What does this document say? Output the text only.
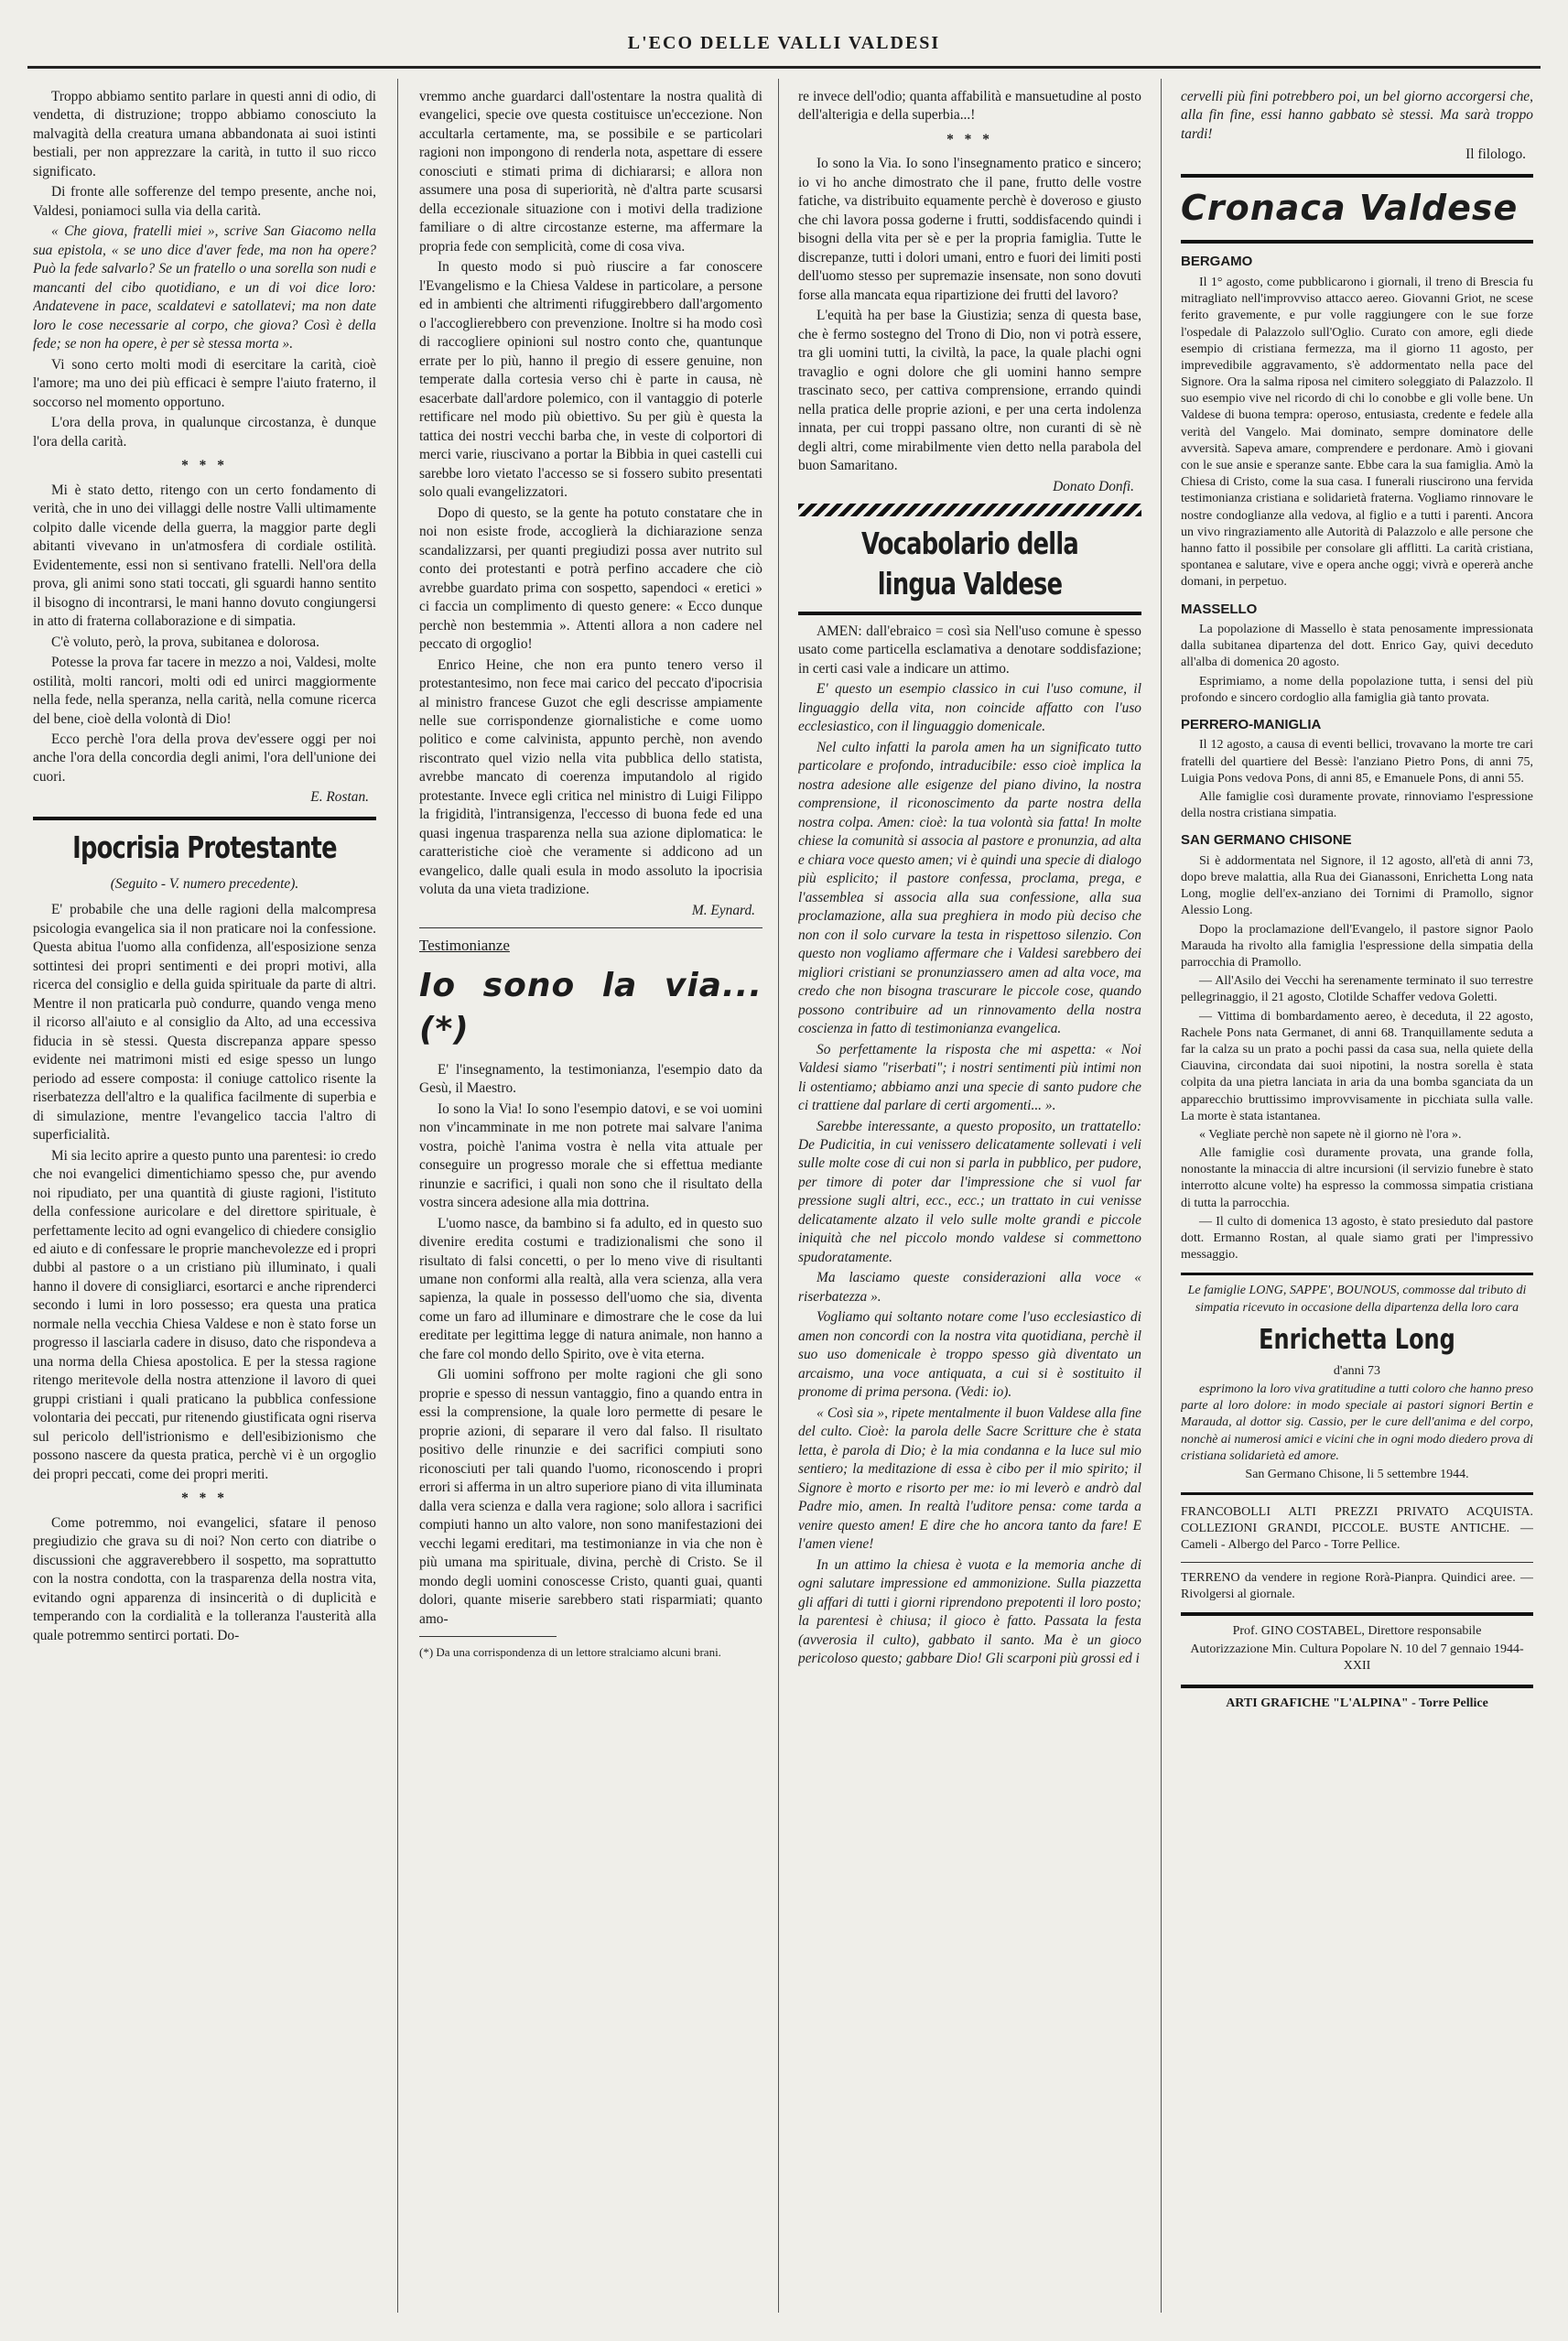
L'ECO DELLE VALLI VALDESI

Troppo abbiamo sentito parlare in questi anni di odio, di vendetta, di distruzione; troppo abbiamo conosciuto la malvagità della creatura umana abbandonata ai suoi istinti bestiali, per non apprezzare la carità, in tutto il suo ricco significato.

Di fronte alle sofferenze del tempo presente, anche noi, Valdesi, poniamoci sulla via della carità.

« Che giova, fratelli miei », scrive San Giacomo nella sua epistola, « se uno dice d'aver fede, ma non ha opere? Può la fede salvarlo? Se un fratello o una sorella son nudi e mancanti del cibo quotidiano, e un di voi dice loro: Andatevene in pace, scaldatevi e satollatevi; ma non date loro le cose necessarie al corpo, che giova? Così è della fede; se non ha opere, è per sè stessa morta ».

Vi sono certo molti modi di esercitare la carità, cioè l'amore; ma uno dei più efficaci è sempre l'aiuto fraterno, il soccorso nel momento opportuno.

L'ora della prova, in qualunque circostanza, è dunque l'ora della carità.

* * *

Mi è stato detto, ritengo con un certo fondamento di verità, che in uno dei villaggi delle nostre Valli ultimamente colpito dalle vicende della guerra, la maggior parte degli abitanti vivevano in un'atmosfera di cordiale ostilità. Evidentemente, essi non si sentivano fratelli. Nell'ora della prova, gli animi sono stati toccati, gli sguardi hanno sentito il bisogno di incontrarsi, le mani hanno dovuto congiungersi in atto di fraterna collaborazione e di simpatia.

C'è voluto, però, la prova, subitanea e dolorosa.

Potesse la prova far tacere in mezzo a noi, Valdesi, molte ostilità, molti rancori, molti odi ed unirci maggiormente nella fede, nella speranza, nella carità, nella comune ricerca del bene, cioè della volontà di Dio!

Ecco perchè l'ora della prova dev'essere oggi per noi anche l'ora della concordia degli animi, l'ora dell'unione dei cuori.

E. Rostan.

Ipocrisia Protestante

(Seguito - V. numero precedente).

E' probabile che una delle ragioni della malcompresa psicologia evangelica sia il non praticare noi la confessione. Questa abitua l'uomo alla confidenza, all'esposizione senza sottintesi dei propri sentimenti e dei propri motivi, alla ricerca del consiglio e della guida spirituale da parte di altri. Mentre il non praticarla può condurre, quando venga meno il ricorso all'aiuto e al consiglio da Alto, ad una eccessiva fiducia in sè stessi. Questa discrepanza appare spesso evidente nei matrimoni misti ed esige spesso un lungo periodo ad essere composta: il coniuge cattolico risente la riserbatezza dell'altro e la qualifica facilmente di superbia e di simulazione, mentre l'evangelico taccia l'altro di superficialità.

Mi sia lecito aprire a questo punto una parentesi: io credo che noi evangelici dimentichiamo spesso che, pur avendo noi ripudiato, per una quantità di giuste ragioni, l'istituto della confessione auricolare e del direttore spirituale, è perfettamente lecito ad ogni evangelico di chiedere consiglio ed aiuto e di confessare le proprie manchevolezze ed i propri dubbi al pastore o a un cristiano più illuminato, i quali hanno il dovere di consigliarci, esortarci e anche riprenderci secondo i lumi in loro possesso; era questa una pratica normale nella vecchia Chiesa Valdese e non è stato forse un progresso il lasciarla cadere in disuso, dato che rispondeva a una norma della Chiesa apostolica. E per la stessa ragione ritengo meritevole della nostra attenzione il lavoro di quei gruppi cristiani i quali praticano la pubblica confessione volontaria dei peccati, pur ritenendo giustificata ogni riserva sul pericolo dell'istrionismo e dell'esibizionismo che possono nascere da questa pratica, perchè vi è un orgoglio dei propri peccati, come dei propri meriti.

* * *

Come potremmo, noi evangelici, sfatare il penoso pregiudizio che grava su di noi? Non certo con diatribe o discussioni che aggraverebbero il sospetto, ma soprattutto con la nostra condotta, con la trasparenza della nostra vita, evitando ogni apparenza di insincerità o di duplicità e temperando con la cordialità e la tolleranza l'austerità alla quale potremmo sentirci portati. Do-

vremmo anche guardarci dall'ostentare la nostra qualità di evangelici, specie ove questa costituisce un'eccezione. Non accultarla certamente, ma, se possibile e se particolari ragioni non impongono di renderla nota, aspettare di essere conosciuti e stimati prima di dichiararsi; e allora non assumere una posa di superiorità, nè d'altra parte scusarsi della eccezionale situazione con i motivi della tradizione familiare o di altre circostanze esterne, ma affermare la propria fede con semplicità, come di cosa viva.

In questo modo si può riuscire a far conoscere l'Evangelismo e la Chiesa Valdese in particolare, a persone ed in ambienti che altrimenti rifuggirebbero dall'argomento o l'accoglierebbero con prevenzione. Inoltre si ha modo così di raccogliere opinioni sul nostro conto che, quantunque errate per lo più, hanno il pregio di essere genuine, non temperate dalla cortesia verso chi è parte in causa, nè esacerbate dall'ardore polemico, con il vantaggio di poterle rettificare nel modo più obiettivo. Su per giù è questa la tattica dei nostri vecchi barba che, in veste di colportori di merci varie, riuscivano a portar la Bibbia in quei castelli cui sarebbe loro vietato l'accesso se si fossero subito presentati solo quali evangelizzatori.

Dopo di questo, se la gente ha potuto constatare che in noi non esiste frode, accoglierà la dichiarazione senza scandalizzarsi, per quanti pregiudizi possa aver nutrito sul conto dei protestanti e potrà perfino accadere che ciò avrebbe guardato prima con sospetto, sapendoci « eretici » ci faccia un complimento di questo genere: « Ecco dunque perchè non bestemmia ». Attenti allora a non cadere nel peccato di orgoglio!

Enrico Heine, che non era punto tenero verso il protestantesimo, non fece mai carico del peccato d'ipocrisia al ministro francese Guzot che egli descrisse ampiamente nelle sue corrispondenze giornalistiche e come uomo politico e come calvinista, appunto perchè, non avendo riscontrato quel vizio nella vita pubblica dello statista, avrebbe mancato di coerenza imputandolo al rigido protestante. Invece egli critica nel ministro di Luigi Filippo la frigidità, l'intransigenza, l'eccesso di buona fede ed una quasi ingenua trasparenza nella sua azione diplomatica: le caratteristiche cioè che veramente si addicono ad un evangelico, dalle quali esula in modo assoluto la ipocrisia voluta da una vieta tradizione.

M. Eynard.

Testimonianze
Io sono la via...(*)

E' l'insegnamento, la testimonianza, l'esempio dato da Gesù, il Maestro.

Io sono la Via! Io sono l'esempio datovi, e se voi uomini non v'incamminate in me non potrete mai salvare l'anima vostra, poichè l'anima vostra è nella vita attuale per conseguire un progresso morale che si effettua mediante rinunzie e sacrifici, i quali non sono che il risultato della vostra sincera adesione alla mia dottrina.

L'uomo nasce, da bambino si fa adulto, ed in questo suo divenire eredita costumi e tradizionalismi che sono il risultato di falsi concetti, o per lo meno vive di risultanti umane non conformi alla realtà, alla vera scienza, alla vera sapienza, la quale in possesso dell'uomo che sia, diventa come un faro ad illuminare e dimostrare che le cose da lui ereditate per legittima legge di natura animale, non hanno a che fare col mondo dello Spirito, ove è vita eterna.

Gli uomini soffrono per molte ragioni che gli sono proprie e spesso di nessun vantaggio, fino a quando entra in essi la comprensione, la quale loro permette di pesare le proprie azioni, di separare il vero dal falso. Il risultato positivo delle rinunzie e dei sacrifici compiuti sono riconosciuti per tali quando l'uomo, riconoscendo i propri errori si afferma in un altro superiore piano di vita illuminata dalla vera scienza e dalla vera ragione; solo allora i sacrifici compiuti hanno un alto valore, non sono manifestazioni dei vecchi legami ereditari, ma testimonianze in via che non è più umana ma spirituale, divina, perchè di Cristo. Se il mondo degli uomini conoscesse Cristo, quanti guai, quanti dolori, quante miserie sarebbero stati risparmiati; quanto amo-

(*) Da una corrispondenza di un lettore stralciamo alcuni brani.

re invece dell'odio; quanta affabilità e mansuetudine al posto dell'alterigia e della superbia...!

* * *

Io sono la Via. Io sono l'insegnamento pratico e sincero; io vi ho anche dimostrato che il pane, frutto delle vostre fatiche, va distribuito equamente perchè è doveroso e giusto che chi lavora possa goderne i frutti, soddisfacendo quindi i bisogni della vita per sè e per la propria famiglia. Tutte le discrepanze, tutti i dolori umani, entro e fuori dei limiti posti dell'uomo stesso per supremazie insensate, non sono dovuti forse alla mancata equa ripartizione dei frutti del lavoro?

L'equità ha per base la Giustizia; senza di questa base, che è fermo sostegno del Trono di Dio, non vi potrà essere, tra gli uomini tutti, la civiltà, la pace, la quale plachi ogni travaglio e ogni dolore che gli uomini hanno sempre trascinato seco, per cattiva comprensione, errando quindi nella pratica delle proprie azioni, e per una certa indolenza innata, per cui troppi passano oltre, non curanti di sè nè degli altri, come mirabilmente vien detto nella parabola del buon Samaritano.

Donato Donfi.

Vocabolario della lingua Valdese

AMEN: dall'ebraico = così sia Nell'uso comune è spesso usato come particella esclamativa a denotare soddisfazione; in certi casi vale a indicare un attimo.

E' questo un esempio classico in cui l'uso comune, il linguaggio della vita, non coincide affatto con l'uso ecclesiastico, con il linguaggio domenicale.

Nel culto infatti la parola amen ha un significato tutto particolare e profondo, intraducibile: esso cioè implica la nostra adesione alle esigenze del piano divino, la nostra comprensione, il riconoscimento da parte nostra della nostra colpa. Amen: cioè: la tua volontà sia fatta! In molte chiese la comunità si associa al pastore e pronunzia, ad alta e chiara voce questo amen; vi è quindi una specie di dialogo più esplicito; il pastore confessa, proclama, prega, e l'assemblea si associa alla sua confessione, alla sua proclamazione, alla sua preghiera in modo più deciso che non con il solo curvare la testa in rispettoso silenzio. Con questo non vogliamo affermare che i Valdesi sarebbero dei migliori cristiani se pronunziassero amen ad alta voce, ma credo che non bisogna trascurare le piccole cose, quando possono contribuire ad un rinnovamento della nostra coscienza in fatto di testimonianza evangelica.

So perfettamente la risposta che mi aspetta: « Noi Valdesi siamo "riserbati"; i nostri sentimenti più intimi non li ostentiamo; abbiamo anzi una specie di santo pudore che ci trattiene dal parlare di certi argomenti... ».

Sarebbe interessante, a questo proposito, un trattatello: De Pudicitia, in cui venissero delicatamente sollevati i veli sulle molte cose di cui non si parla in pubblico, per pudore, per timore di poter dar l'impressione che si vuol far pressione sugli altri, ecc., ecc.; un trattato in cui venisse delicatamente alzato il velo sulle molte grandi e piccole iniquità che nel piccolo mondo valdese si commettono spudoratamente.

Ma lasciamo queste considerazioni alla voce « riserbatezza ».

Vogliamo qui soltanto notare come l'uso ecclesiastico di amen non concordi con la nostra vita quotidiana, perchè il suo uso domenicale è troppo spesso già diventato un arcaismo, una voce antiquata, a cui si è sostituito il pronome di prima persona. (Vedi: io).

« Così sia », ripete mentalmente il buon Valdese alla fine del culto. Cioè: la parola delle Sacre Scritture che è stata letta, è parola di Dio; è la mia condanna e la luce sul mio sentiero; la meditazione di essa è cibo per il mio spirito; il Signore è morto e risorto per me: io mi leverò e andrò dal Padre mio, amen. In realtà l'uditore pensa: come tarda a venire questo amen! E dire che ho ancora tanto da fare! E l'amen viene!

In un attimo la chiesa è vuota e la memoria anche di ogni salutare impressione ed ammonizione. Sulla piazzetta gli affari di tutti i giorni riprendono prepotenti il loro posto; la parentesi è chiusa; il gioco è fatto. Passata la festa (avverosia il culto), gabbato il santo. Ma è un gioco pericoloso questo; gabbare Dio! Gli scarponi più grossi ed i

cervelli più fini potrebbero poi, un bel giorno accorgersi che, alla fin fine, essi hanno gabbato sè stessi. Ma sarà troppo tardi!

Il filologo.

Cronaca Valdese
BERGAMO

Il 1° agosto, come pubblicarono i giornali, il treno di Brescia fu mitragliato nell'improvviso attacco aereo. Giovanni Griot, ne scese ferito gravemente, e pur volle raggiungere con le sue forze l'ospedale di Palazzolo sull'Oglio. Curato con amore, egli diede esempio di cristiana fermezza, ma il giorno 11 agosto, per imprevedibile aggravamento, s'è addormentato nella pace del Signore. Ora la salma riposa nel cimitero soleggiato di Palazzolo. Il suo esempio vive nel ricordo di chi lo conobbe e gli volle bene. Un Valdese di buona tempra: operoso, entusiasta, credente e fedele alla verità del Vangelo. Mai dominato, sempre dominatore delle avversità. Sapeva amare, comprendere e perdonare. Amò i giovani con le sue ansie e speranze sante. Ebbe cara la sua famiglia. Amò la Chiesa di Cristo, come la sua casa. I funerali riuscirono una fervida testimonianza cristiana e solidarietà fraterna. Vogliamo rinnovare le nostre condoglianze alla vedova, al figlio e a tutti i parenti. Ancora un vivo ringraziamento alle Autorità di Palazzolo e alle persone che hanno fatto il possibile per consolare gli afflitti. La carità cristiana, spontanea e salutare, vive e opera anche oggi; vivrà e opererà anche domani, in perpetuo.

MASSELLO

La popolazione di Massello è stata penosamente impressionata dalla subitanea dipartenza del dott. Enrico Gay, quivi deceduto all'alba di domenica 20 agosto.

Esprimiamo, a nome della popolazione tutta, i sensi del più profondo e sincero cordoglio alla famiglia già tanto provata.

PERRERO-MANIGLIA

Il 12 agosto, a causa di eventi bellici, trovavano la morte tre cari fratelli del quartiere del Bessè: l'anziano Pietro Pons, di anni 75, Luigia Pons vedova Pons, di anni 85, e Emanuele Pons, di anni 55.

Alle famiglie così duramente provate, rinnoviamo l'espressione della nostra cristiana simpatia.

SAN GERMANO CHISONE

Si è addormentata nel Signore, il 12 agosto, all'età di anni 73, dopo breve malattia, alla Rua dei Gianassoni, Enrichetta Long nata Long, moglie dell'ex-anziano dei Tornimi di Pramollo, signor Alessio Long.

Dopo la proclamazione dell'Evangelo, il pastore signor Paolo Marauda ha rivolto alla famiglia l'espressione della simpatia della parrocchia di Pramollo.

— All'Asilo dei Vecchi ha serenamente terminato il suo terrestre pellegrinaggio, il 21 agosto, Clotilde Schaffer vedova Goletti.

— Vittima di bombardamento aereo, è deceduta, il 22 agosto, Rachele Pons nata Germanet, di anni 68. Tranquillamente seduta a far la calza su un prato a pochi passi da casa sua, nella quiete della Ciauvina, circondata dai suoi nipotini, la nostra sorella è stata colpita da una pietra lanciata in aria da una bomba sganciata da un apparecchio bruttissimo improvvisamente in picchiata sulla valle. La morte è stata istantanea.

« Vegliate perchè non sapete nè il giorno nè l'ora ».

Alle famiglie così duramente provata, una grande folla, nonostante la minaccia di altre incursioni (il servizio funebre è stato interrotto alcune volte) ha espresso la commossa simpatia cristiana di tutta la parrocchia.

— Il culto di domenica 13 agosto, è stato presieduto dal pastore dott. Ermanno Rostan, al quale siamo grati per l'impressivo messaggio.

Le famiglie LONG, SAPPE', BOUNOUS, commosse dal tributo di simpatia ricevuto in occasione della dipartenza della loro cara

Enrichetta Long

d'anni 73

esprimono la loro viva gratitudine a tutti coloro che hanno preso parte al loro dolore: in modo speciale ai pastori signori Bertin e Marauda, al dottor sig. Cassio, per le cure dell'anima e del corpo, nonchè ai numerosi amici e vicini che in ogni modo diedero prova di cristiana solidarietà ed amore.

San Germano Chisone, li 5 settembre 1944.

FRANCOBOLLI ALTI PREZZI PRIVATO ACQUISTA. COLLEZIONI GRANDI, PICCOLE. BUSTE ANTICHE. — Cameli - Albergo del Parco - Torre Pellice.

TERRENO da vendere in regione Rorà-Pianpra. Quindici aree. — Rivolgersi al giornale.

Prof. GINO COSTABEL, Direttore responsabile

Autorizzazione Min. Cultura Popolare N. 10 del 7 gennaio 1944-XXII

ARTI GRAFICHE "L'ALPINA" - Torre Pellice
